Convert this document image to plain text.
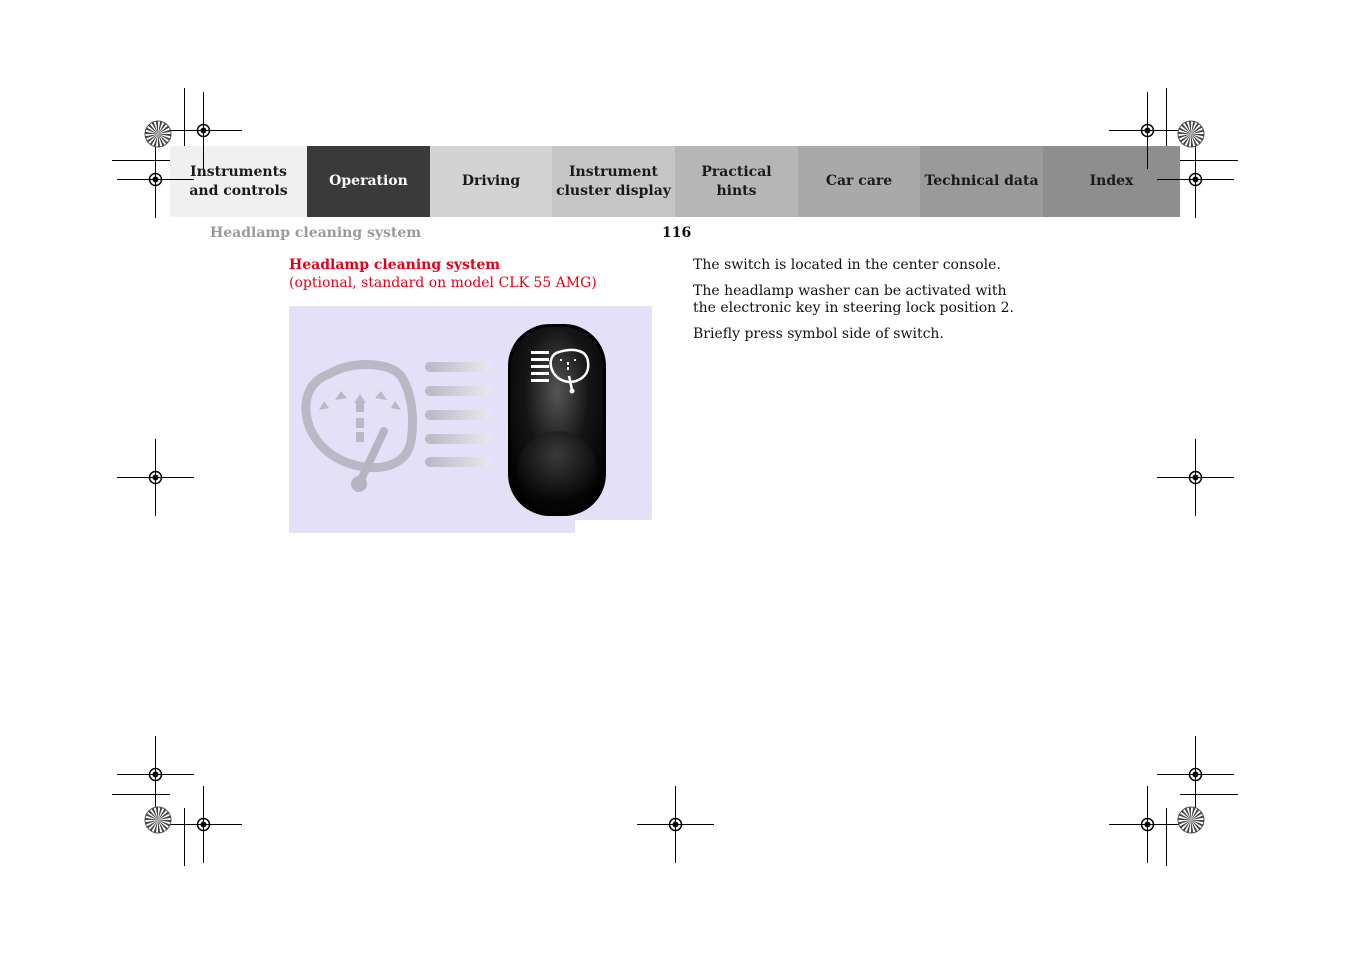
Instruments and controls
Operation	Driving
Instrument cluster display
Practical hints
Car care	Technical data	Index
Headlamp cleaning system	116
Headlamp cleaning system
(optional, standard on model CLK 55 AMG)

The switch is located in the center console.

The headlamp washer can be activated with the electronic key in steering lock position 2.

Briefly press symbol side of switch.
